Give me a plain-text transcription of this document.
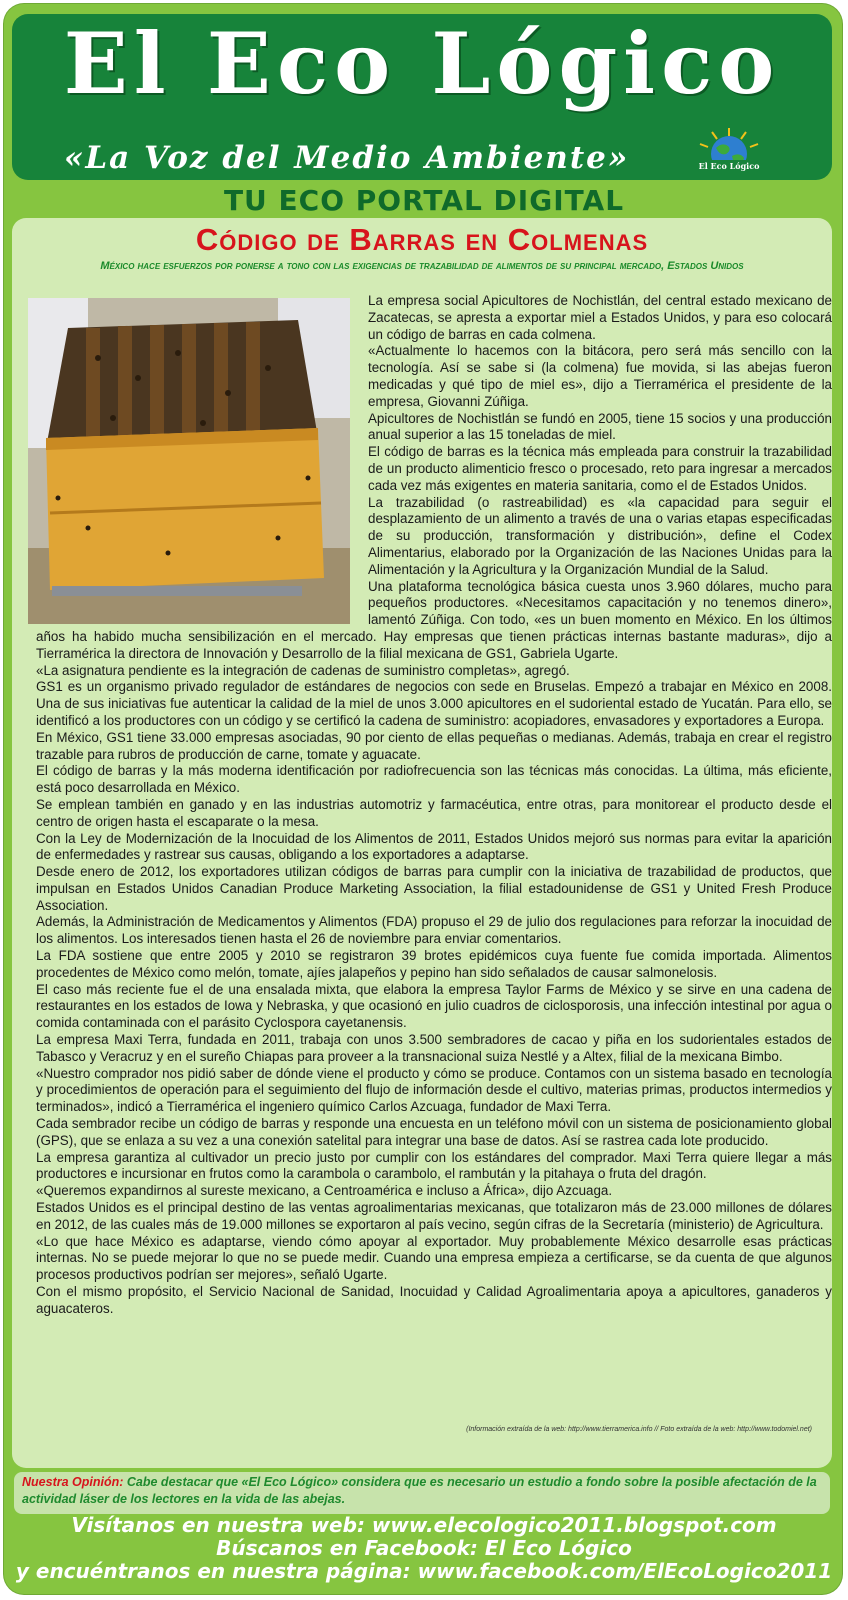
El Eco Lógico
«La Voz del Medio Ambiente»	El Eco Lógico
TU ECO PORTAL DIGITAL
Código de Barras en Colmenas
México hace esfuerzos por ponerse a tono con las exigencias de trazabilidad de alimentos de su principal mercado, Estados Unidos

La empresa social Apicultores de Nochistlán, del central estado mexicano de Zacatecas, se apresta a exportar miel a Estados Unidos, y para eso colocará un código de barras en cada colmena.

«Actualmente lo hacemos con la bitácora, pero será más sencillo con la tecnología. Así se sabe si (la colmena) fue movida, si las abejas fueron medicadas y qué tipo de miel es», dijo a Tierramérica el presidente de la empresa, Giovanni Zúñiga.

Apicultores de Nochistlán se fundó en 2005, tiene 15 socios y una producción anual superior a las 15 toneladas de miel.

El código de barras es la técnica más empleada para construir la trazabilidad de un producto alimenticio fresco o procesado, reto para ingresar a mercados cada vez más exigentes en materia sanitaria, como el de Estados Unidos.

La trazabilidad (o rastreabilidad) es «la capacidad para seguir el desplazamiento de un alimento a través de una o varias etapas especificadas de su producción, transformación y distribución», define el Codex Alimentarius, elaborado por la Organización de las Naciones Unidas para la Alimentación y la Agricultura y la Organización Mundial de la Salud.

Una plataforma tecnológica básica cuesta unos 3.960 dólares, mucho para pequeños productores. «Necesitamos capacitación y no tenemos dinero», lamentó Zúñiga. Con todo, «es un buen momento en México. En los últimos años ha habido mucha sensibilización en el mercado. Hay empresas que tienen prácticas internas bastante maduras», dijo a Tierramérica la directora de Innovación y Desarrollo de la filial mexicana de GS1, Gabriela Ugarte.

«La asignatura pendiente es la integración de cadenas de suministro completas», agregó.

GS1 es un organismo privado regulador de estándares de negocios con sede en Bruselas. Empezó a trabajar en México en 2008. Una de sus iniciativas fue autenticar la calidad de la miel de unos 3.000 apicultores en el sudoriental estado de Yucatán. Para ello, se identificó a los productores con un código y se certificó la cadena de suministro: acopiadores, envasadores y exportadores a Europa.

En México, GS1 tiene 33.000 empresas asociadas, 90 por ciento de ellas pequeñas o medianas. Además, trabaja en crear el registro trazable para rubros de producción de carne, tomate y aguacate.

El código de barras y la más moderna identificación por radiofrecuencia son las técnicas más conocidas. La última, más eficiente, está poco desarrollada en México.

Se emplean también en ganado y en las industrias automotriz y farmacéutica, entre otras, para monitorear el producto desde el centro de origen hasta el escaparate o la mesa.

Con la Ley de Modernización de la Inocuidad de los Alimentos de 2011, Estados Unidos mejoró sus normas para evitar la aparición de enfermedades y rastrear sus causas, obligando a los exportadores a adaptarse.

Desde enero de 2012, los exportadores utilizan códigos de barras para cumplir con la iniciativa de trazabilidad de productos, que impulsan en Estados Unidos Canadian Produce Marketing Association, la filial estadounidense de GS1 y United Fresh Produce Association.

Además, la Administración de Medicamentos y Alimentos (FDA) propuso el 29 de julio dos regulaciones para reforzar la inocuidad de los alimentos. Los interesados tienen hasta el 26 de noviembre para enviar comentarios.

La FDA sostiene que entre 2005 y 2010 se registraron 39 brotes epidémicos cuya fuente fue comida importada. Alimentos procedentes de México como melón, tomate, ajíes jalapeños y pepino han sido señalados de causar salmonelosis.

El caso más reciente fue el de una ensalada mixta, que elabora la empresa Taylor Farms de México y se sirve en una cadena de restaurantes en los estados de Iowa y Nebraska, y que ocasionó en julio cuadros de ciclosporosis, una infección intestinal por agua o comida contaminada con el parásito Cyclospora cayetanensis.

La empresa Maxi Terra, fundada en 2011, trabaja con unos 3.500 sembradores de cacao y piña en los sudorientales estados de Tabasco y Veracruz y en el sureño Chiapas para proveer a la transnacional suiza Nestlé y a Altex, filial de la mexicana Bimbo.

«Nuestro comprador nos pidió saber de dónde viene el producto y cómo se produce. Contamos con un sistema basado en tecnología y procedimientos de operación para el seguimiento del flujo de información desde el cultivo, materias primas, productos intermedios y terminados», indicó a Tierramérica el ingeniero químico Carlos Azcuaga, fundador de Maxi Terra.

Cada sembrador recibe un código de barras y responde una encuesta en un teléfono móvil con un sistema de posicionamiento global (GPS), que se enlaza a su vez a una conexión satelital para integrar una base de datos. Así se rastrea cada lote producido.

La empresa garantiza al cultivador un precio justo por cumplir con los estándares del comprador. Maxi Terra quiere llegar a más productores e incursionar en frutos como la carambola o carambolo, el rambután y la pitahaya o fruta del dragón.

«Queremos expandirnos al sureste mexicano, a Centroamérica e incluso a África», dijo Azcuaga.

Estados Unidos es el principal destino de las ventas agroalimentarias mexicanas, que totalizaron más de 23.000 millones de dólares en 2012, de las cuales más de 19.000 millones se exportaron al país vecino, según cifras de la Secretaría (ministerio) de Agricultura.

«Lo que hace México es adaptarse, viendo cómo apoyar al exportador. Muy probablemente México desarrolle esas prácticas internas. No se puede mejorar lo que no se puede medir. Cuando una empresa empieza a certificarse, se da cuenta de que algunos procesos productivos podrían ser mejores», señaló Ugarte.

Con el mismo propósito, el Servicio Nacional de Sanidad, Inocuidad y Calidad Agroalimentaria apoya a apicultores, ganaderos y aguacateros.

(Información extraída de la web: http://www.tierramerica.info // Foto extraída de la web: http://www.todomiel.net)
Nuestra Opinión: Cabe destacar que «El Eco Lógico» considera que es necesario un estudio a fondo sobre la posible afectación de la actividad láser de los lectores en la vida de las abejas.
Visítanos en nuestra web: www.elecologico2011.blogspot.com
Búscanos en Facebook: El Eco Lógico
y encuéntranos en nuestra página: www.facebook.com/ElEcoLogico2011
